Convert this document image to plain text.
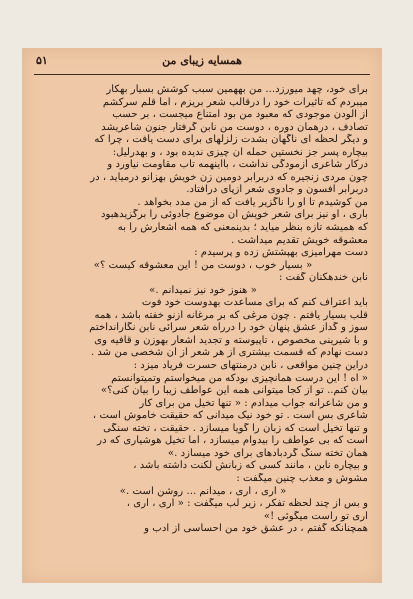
۵۱	همسایه زیبای من
برای خود، چهد میورزد... من بههمین سبب کوشش بسیار بهکار
میبردم که تاثیرات خود را درقالب شعر بریزم ، اما قلم سرکشم
از آلودن موجودی که معبود من بود امتناع میجست ، بر حسب
تصادف ، درهمان دوره ، دوست من نابن گرفتار جنون شاعریشد
و دیگر لحظه ای ناگهان بشدت زلزلهای برای دست یافت ، چرا که
بیچاره پسر جز نخستین حمله آن چیزی ندیده بود ، و بهدرلیل:
درکار شاعری آزمودگی نداشت ، بااینهمه تاب مقاومت نیاورد و
چون مردی زنجیره که دربرابر دومین زن خویش بهزانو درمیآید ، در
دربرابر افسون و جادوی شعر ازپای درافتاد.
من کوشیدم تا او را ناگزیر یافت که از من مدد بخواهد .
باری ، او نیز برای شعر خویش آن موضوع جادوئی را برگزیدهبود
که همیشه تازه بنظر میآید ؛ بدینمعنی که همه اشعارش را به
معشوقه خویش تقدیم میداشت .
دست مهرآمیزی بهپشتش زده و پرسیدم :
« بسیار خوب ، دوست من ! این معشوقه کیست ؟»
نابن خندهکنان گفت :
« هنوز خود نیز نمیدانم .»
باید اعتراف کنم که برای مساعدت بهدوست خود فوت
قلب بسیار یافتم . چون مرغی که بر مرغانه ازنو خفته باشد ، همه
سوز و گداز عشق پنهان خود را درراه شعر سرائی نابن نگارانداختم
و با شیرینی مخصوص ، تاپیوسته و تجدید اشعار بهوزن و قافیه وی
دست نهادم که قسمت بیشتری از هر شعر از آن شخصی من شد .
دراین چنین مواقعی ، نابن درمنتهای حسرت فریاد میزد :
« آه ! این درست همانچیزی بودکه من میخواستم وتمیتوانستم
بیان کنم.. تو از کجا میتوانی همه این عواطف زیبا را بیان کنی؟»
و من شاعرانه جواب میدادم : « تنها تخیل من برای کار
شاعری بس است . تو خود نیک میدانی که حقیقت خاموش است ،
و تنها تخیل است که زبان را گویا میسازد . حقیقت ، تخته سنگی
است که بی عواطف را بیدوام میسازد ، اما تخیل هوشیاری که در
همان تخته سنگ گردبادهای برای خود میسازد .»
و بیچاره نابن ، مانند کسی که زبانش لکنت داشته باشد ،
مشوش و معذب چنین میگفت :
« آری ، آری ، میدانم ... روشن است .»
و بس از چند لحظه تفکر ، زیر لب میگفت : « آری ، آری ،
آری تو راست میگوئی !»
همچنانکه گفتم ، در عشق خود من احساسی از ادب و
